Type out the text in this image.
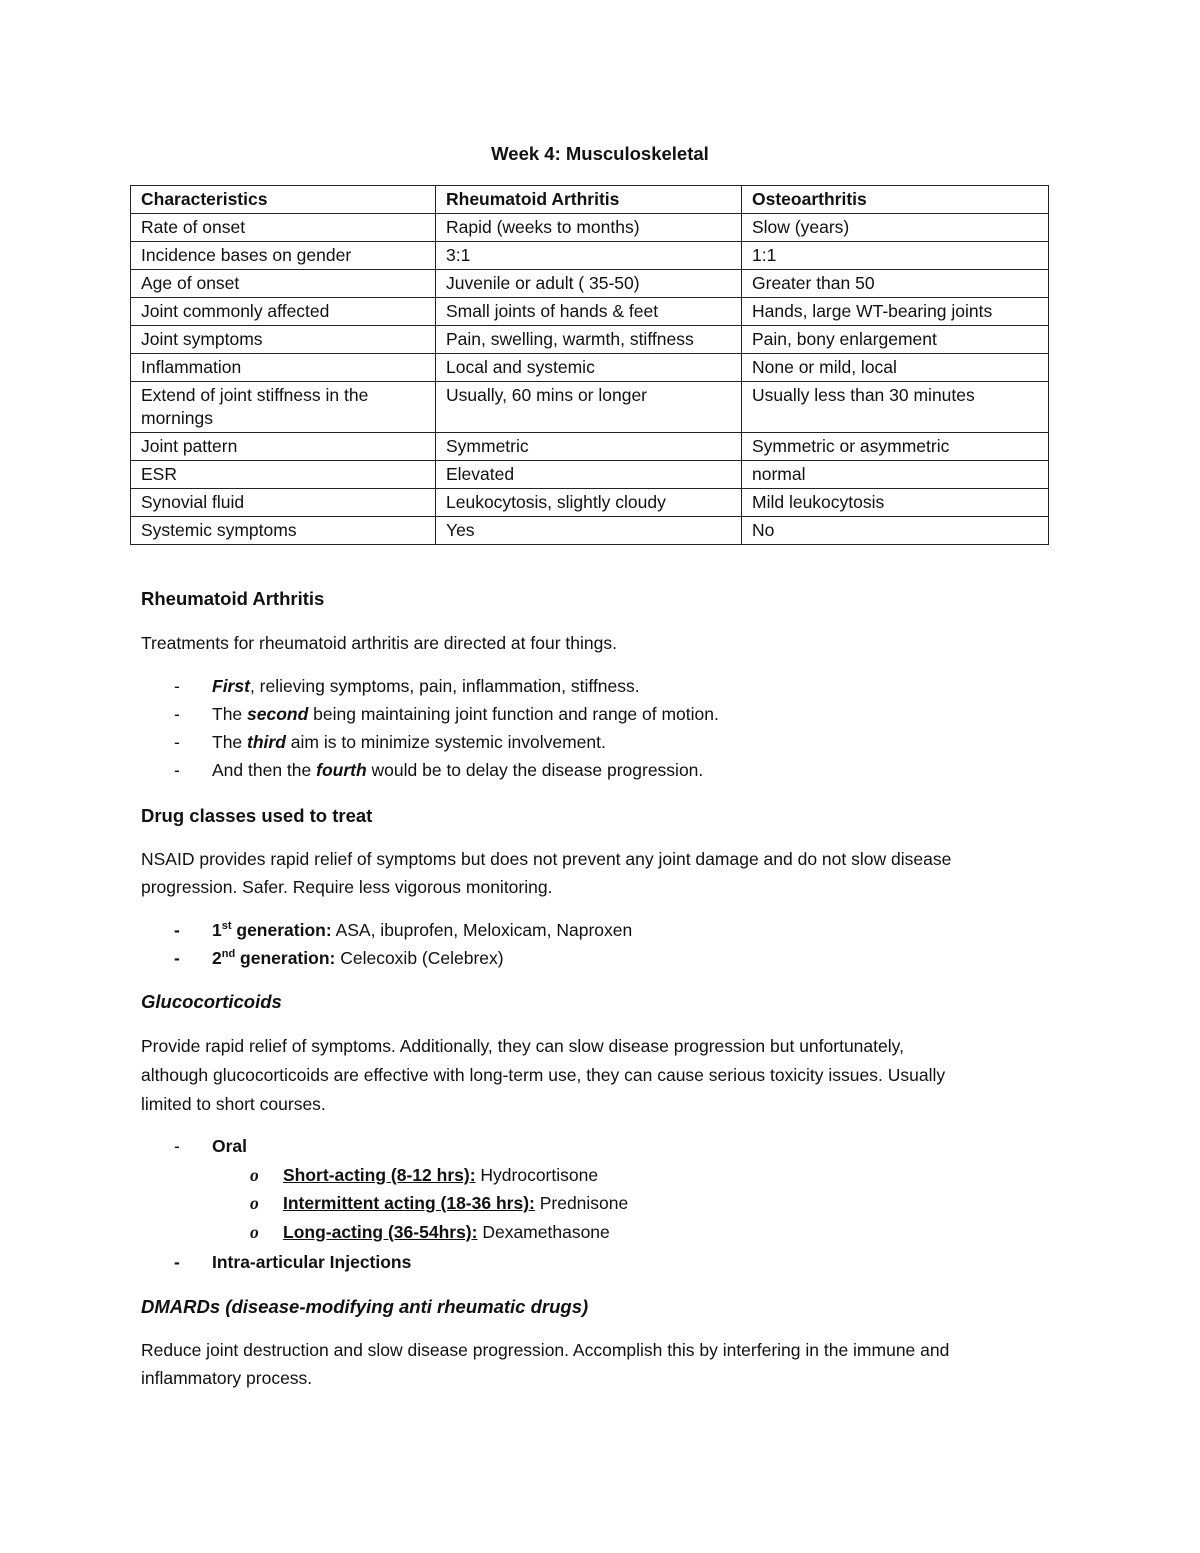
Week 4: Musculoskeletal
Characteristics	Rheumatoid Arthritis	Osteoarthritis
Rate of onset	Rapid (weeks to months)	Slow (years)
Incidence bases on gender	3:1	1:1
Age of onset	Juvenile or adult ( 35-50)	Greater than 50
Joint commonly affected	Small joints of hands & feet	Hands, large WT-bearing joints
Joint symptoms	Pain, swelling, warmth, stiffness	Pain, bony enlargement
Inflammation	Local and systemic	None or mild, local
Extend of joint stiffness in the mornings	Usually, 60 mins or longer	Usually less than 30 minutes
Joint pattern	Symmetric	Symmetric or asymmetric
ESR	Elevated	normal
Synovial fluid	Leukocytosis, slightly cloudy	Mild leukocytosis
Systemic symptoms	Yes	No
Rheumatoid Arthritis
Treatments for rheumatoid arthritis are directed at four things.
- First, relieving symptoms, pain, inflammation, stiffness.
- The second being maintaining joint function and range of motion.
- The third aim is to minimize systemic involvement.
- And then the fourth would be to delay the disease progression.
Drug classes used to treat
NSAID provides rapid relief of symptoms but does not prevent any joint damage and do not slow disease
progression. Safer. Require less vigorous monitoring.
- 1st generation: ASA, ibuprofen, Meloxicam, Naproxen
- 2nd generation: Celecoxib (Celebrex)
Glucocorticoids
Provide rapid relief of symptoms. Additionally, they can slow disease progression but unfortunately,
although glucocorticoids are effective with long-term use, they can cause serious toxicity issues. Usually
limited to short courses.
- Oral
o Short-acting (8-12 hrs): Hydrocortisone
o Intermittent acting (18-36 hrs): Prednisone
o Long-acting (36-54hrs): Dexamethasone
- Intra-articular Injections
DMARDs (disease-modifying anti rheumatic drugs)
Reduce joint destruction and slow disease progression. Accomplish this by interfering in the immune and
inflammatory process.
